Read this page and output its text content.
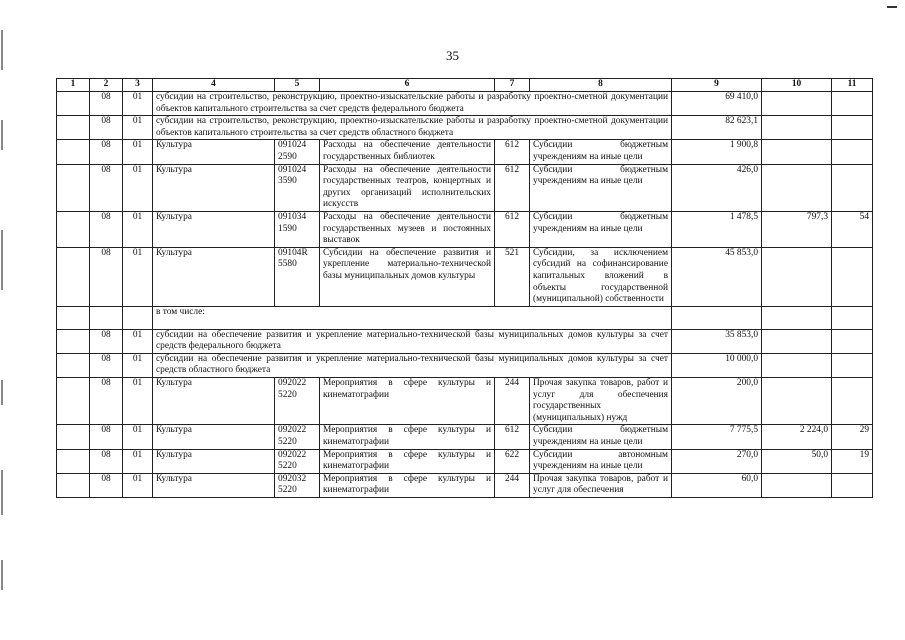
35
1	2	3	4	5	6	7	8	9	10	11
	08	01	субсидии на строительство, реконструкцию, проектно-изыскательские работы и разработку проектно-сметной документации объектов капитального строительства за счет средств федерального бюджета					69 410,0		
	08	01	субсидии на строительство, реконструкцию, проектно-изыскательские работы и разработку проектно-сметной документации объектов капитального строительства за счет средств областного бюджета					82 623,1		
	08	01	Культура	091024 2590	Расходы на обеспечение деятельности государственных библиотек	612	Субсидии бюджетным учреждениям на иные цели	1 900,8		
	08	01	Культура	091024 3590	Расходы на обеспечение деятельности государственных театров, концертных и других организаций исполнительских искусств	612	Субсидии бюджетным учреждениям на иные цели	426,0		
	08	01	Культура	091034 1590	Расходы на обеспечение деятельности государственных музеев и постоянных выставок	612	Субсидии бюджетным учреждениям на иные цели	1 478,5	797,3	54
	08	01	Культура	09104R 5580	Субсидии на обеспечение развития и укрепление материально-технической базы муниципальных домов культуры	521	Субсидии, за исключением субсидий на софинансирование капитальных вложений в объекты государственной (муниципальной) собственности	45 853,0		
			в том числе:							
	08	01	субсидии на обеспечение развития и укрепление материально-технической базы муниципальных домов культуры за счет средств федерального бюджета					35 853,0		
	08	01	субсидии на обеспечение развития и укрепление материально-технической базы муниципальных домов культуры за счет средств областного бюджета					10 000,0		
	08	01	Культура	092022 5220	Мероприятия в сфере культуры и кинематографии	244	Прочая закупка товаров, работ и услуг для обеспечения государственных (муниципальных) нужд	200,0		
	08	01	Культура	092022 5220	Мероприятия в сфере культуры и кинематографии	612	Субсидии бюджетным учреждениям на иные цели	7 775,5	2 224,0	29
	08	01	Культура	092022 5220	Мероприятия в сфере культуры и кинематографии	622	Субсидии автономным учреждениям на иные цели	270,0	50,0	19
	08	01	Культура	092032 5220	Мероприятия в сфере культуры и кинематографии	244	Прочая закупка товаров, работ и услуг для обеспечения	60,0		
